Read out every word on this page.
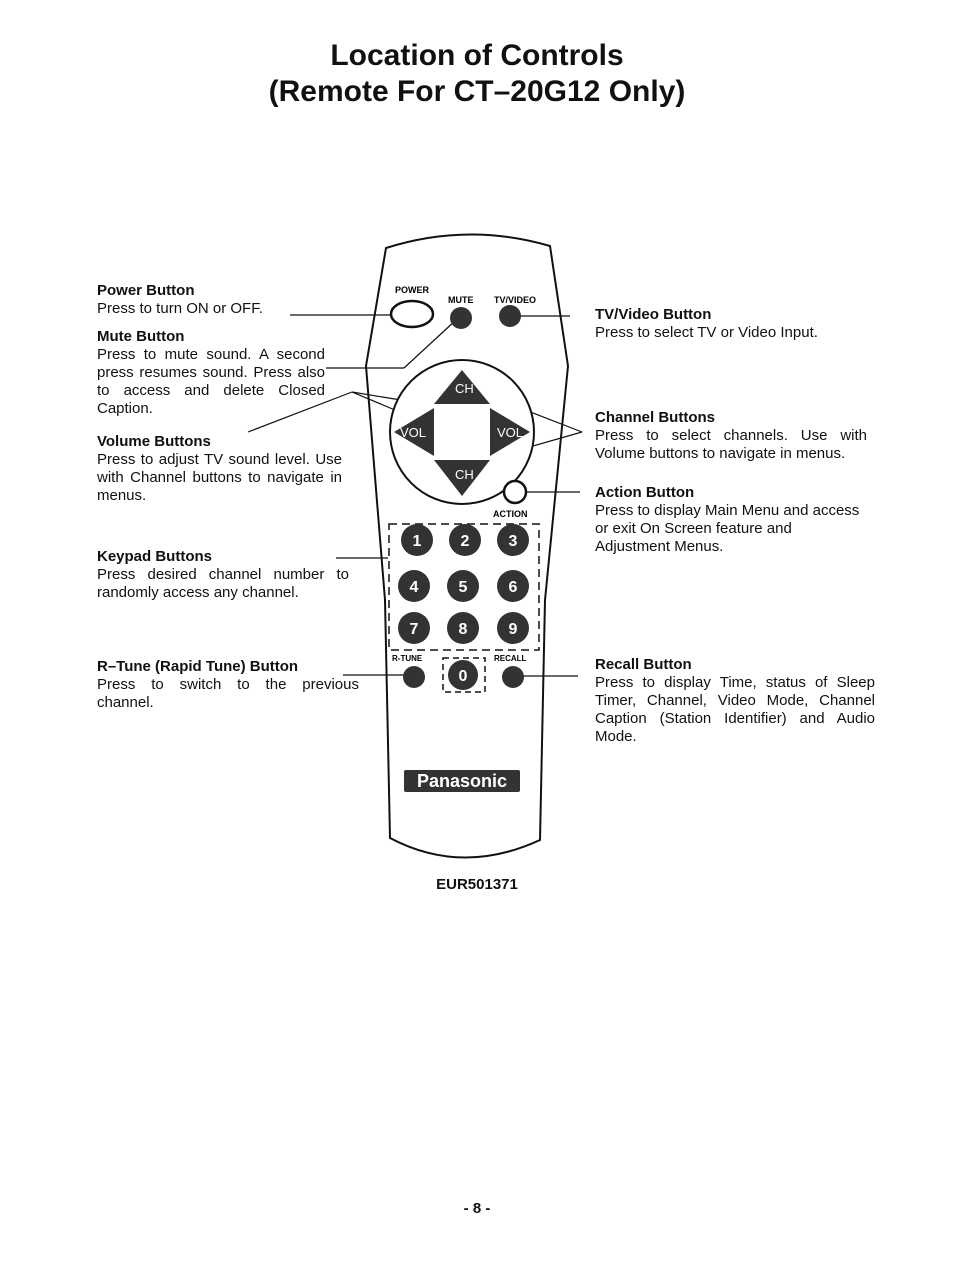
Location of Controls
(Remote For CT–20G12 Only)
Power Button

Press to turn ON or OFF.

Mute Button

Press to mute sound. A second press resumes sound. Press also to access and delete Closed Caption.

Volume Buttons

Press to adjust TV sound level. Use with Channel buttons to navigate in menus.

Keypad Buttons

Press desired channel number to randomly access any channel.

R–Tune (Rapid Tune) Button

Press to switch to the previous channel.

TV/Video Button

Press to select TV or Video Input.

Channel Buttons

Press to select channels. Use with Volume buttons to navigate in menus.

Action Button

Press to display Main Menu and access or exit On Screen feature and Adjustment Menus.

Recall Button

Press to display Time, status of Sleep Timer, Channel, Video Mode, Channel Caption (Station Identifier) and Audio Mode.

POWER
MUTE TV/VIDEO
CH
CH
VOL	VOL
ACTION
1 2 3
4	5	6
7	8	9
R-TUNE	RECALL
0
Panasonic
EUR501371
- 8 -
